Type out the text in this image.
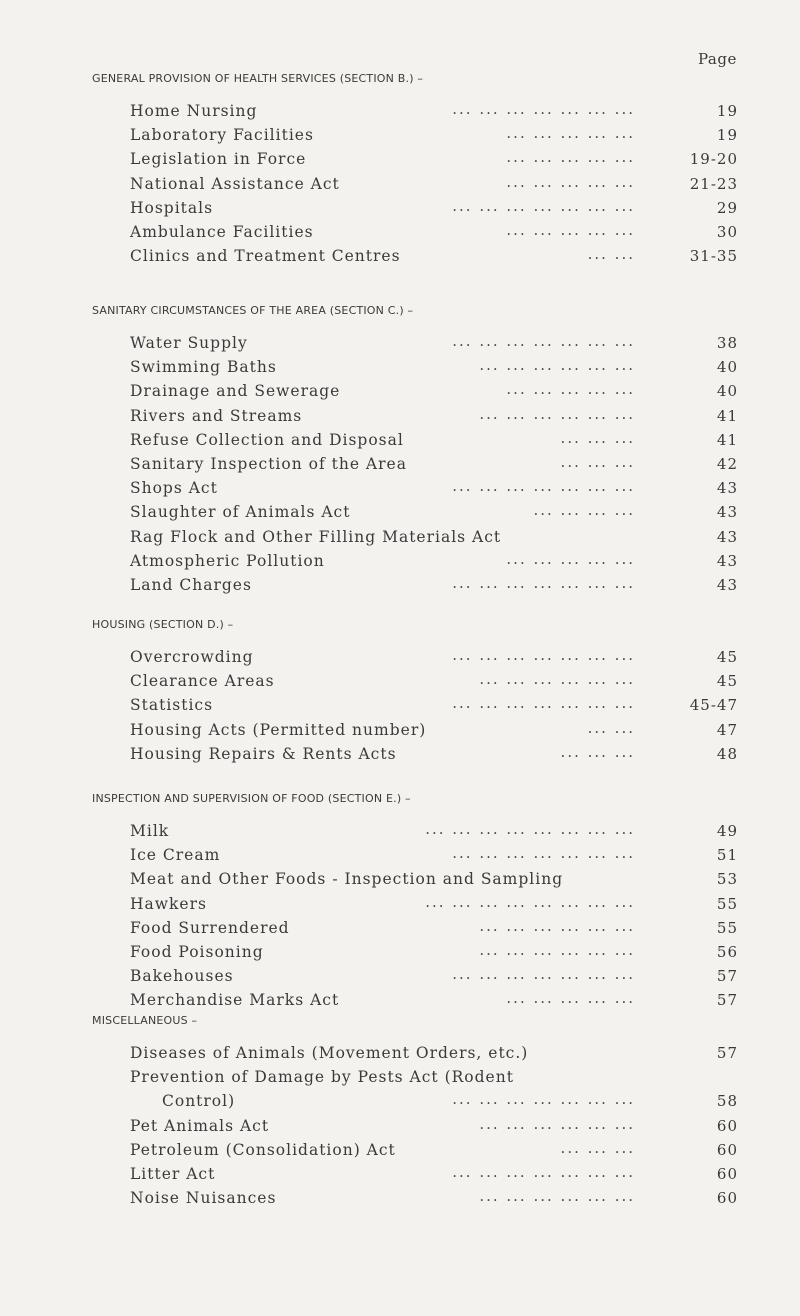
Page
GENERAL PROVISION OF HEALTH SERVICES (SECTION B.) –
Home Nursing	... ... ... ... ... ... ...	19
Laboratory Facilities	... ... ... ... ...	19
Legislation in Force	... ... ... ... ...	19-20
National Assistance Act	... ... ... ... ...	21-23
Hospitals	... ... ... ... ... ... ...	29
Ambulance Facilities	... ... ... ... ...	30
Clinics and Treatment Centres	... ...	31-35
SANITARY CIRCUMSTANCES OF THE AREA (SECTION C.) –
Water Supply	... ... ... ... ... ... ...	38
Swimming Baths	... ... ... ... ... ...	40
Drainage and Sewerage	... ... ... ... ...	40
Rivers and Streams	... ... ... ... ... ...	41
Refuse Collection and Disposal	... ... ...	41
Sanitary Inspection of the Area	... ... ...	42
Shops Act	... ... ... ... ... ... ...	43
Slaughter of Animals Act	... ... ... ...	43
Rag Flock and Other Filling Materials Act	43
Atmospheric Pollution	... ... ... ... ...	43
Land Charges	... ... ... ... ... ... ...	43
HOUSING (SECTION D.) –
Overcrowding	... ... ... ... ... ... ...	45
Clearance Areas	... ... ... ... ... ...	45
Statistics	... ... ... ... ... ... ...	45-47
Housing Acts (Permitted number)	... ...	47
Housing Repairs & Rents Acts	... ... ...	48
INSPECTION AND SUPERVISION OF FOOD (SECTION E.) –
Milk	... ... ... ... ... ... ... ...	49
Ice Cream	... ... ... ... ... ... ...	51
Meat and Other Foods - Inspection and Sampling	53
Hawkers	... ... ... ... ... ... ... ...	55
Food Surrendered	... ... ... ... ... ...	55
Food Poisoning	... ... ... ... ... ...	56
Bakehouses	... ... ... ... ... ... ...	57
Merchandise Marks Act	... ... ... ... ...	57
MISCELLANEOUS –
Diseases of Animals (Movement Orders, etc.)	57
Prevention of Damage by Pests Act (Rodent
Control)	... ... ... ... ... ... ...	58
Pet Animals Act	... ... ... ... ... ...	60
Petroleum (Consolidation) Act	... ... ...	60
Litter Act	... ... ... ... ... ... ...	60
Noise Nuisances	... ... ... ... ... ...	60
